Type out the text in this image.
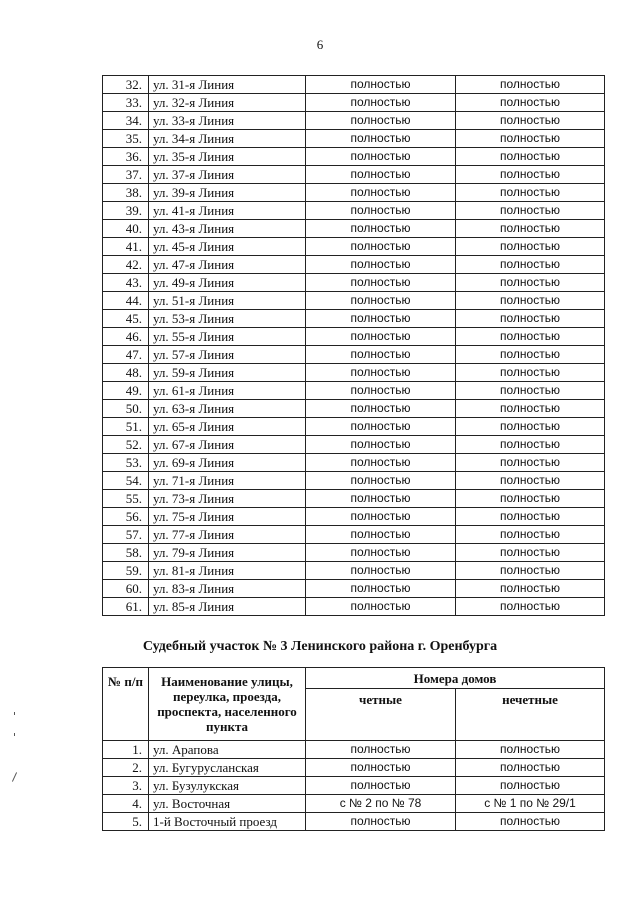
6
32.	ул. 31-я Линия	полностью	полностью
33.	ул. 32-я Линия	полностью	полностью
34.	ул. 33-я Линия	полностью	полностью
35.	ул. 34-я Линия	полностью	полностью
36.	ул. 35-я Линия	полностью	полностью
37.	ул. 37-я Линия	полностью	полностью
38.	ул. 39-я Линия	полностью	полностью
39.	ул. 41-я Линия	полностью	полностью
40.	ул. 43-я Линия	полностью	полностью
41.	ул. 45-я Линия	полностью	полностью
42.	ул. 47-я Линия	полностью	полностью
43.	ул. 49-я Линия	полностью	полностью
44.	ул. 51-я Линия	полностью	полностью
45.	ул. 53-я Линия	полностью	полностью
46.	ул. 55-я Линия	полностью	полностью
47.	ул. 57-я Линия	полностью	полностью
48.	ул. 59-я Линия	полностью	полностью
49.	ул. 61-я Линия	полностью	полностью
50.	ул. 63-я Линия	полностью	полностью
51.	ул. 65-я Линия	полностью	полностью
52.	ул. 67-я Линия	полностью	полностью
53.	ул. 69-я Линия	полностью	полностью
54.	ул. 71-я Линия	полностью	полностью
55.	ул. 73-я Линия	полностью	полностью
56.	ул. 75-я Линия	полностью	полностью
57.	ул. 77-я Линия	полностью	полностью
58.	ул. 79-я Линия	полностью	полностью
59.	ул. 81-я Линия	полностью	полностью
60.	ул. 83-я Линия	полностью	полностью
61.	ул. 85-я Линия	полностью	полностью
Судебный участок № 3 Ленинского района г. Оренбурга
№ п/п	Наименование улицы, переулка, проезда, проспекта, населенного пункта	Номера домов	
		четные	нечетные
1.	ул. Арапова	полностью	полностью
2.	ул. Бугурусланская	полностью	полностью
3.	ул. Бузулукская	полностью	полностью
4.	ул. Восточная	с № 2 по № 78	с № 1 по № 29/1
5.	1-й Восточный проезд	полностью	полностью
